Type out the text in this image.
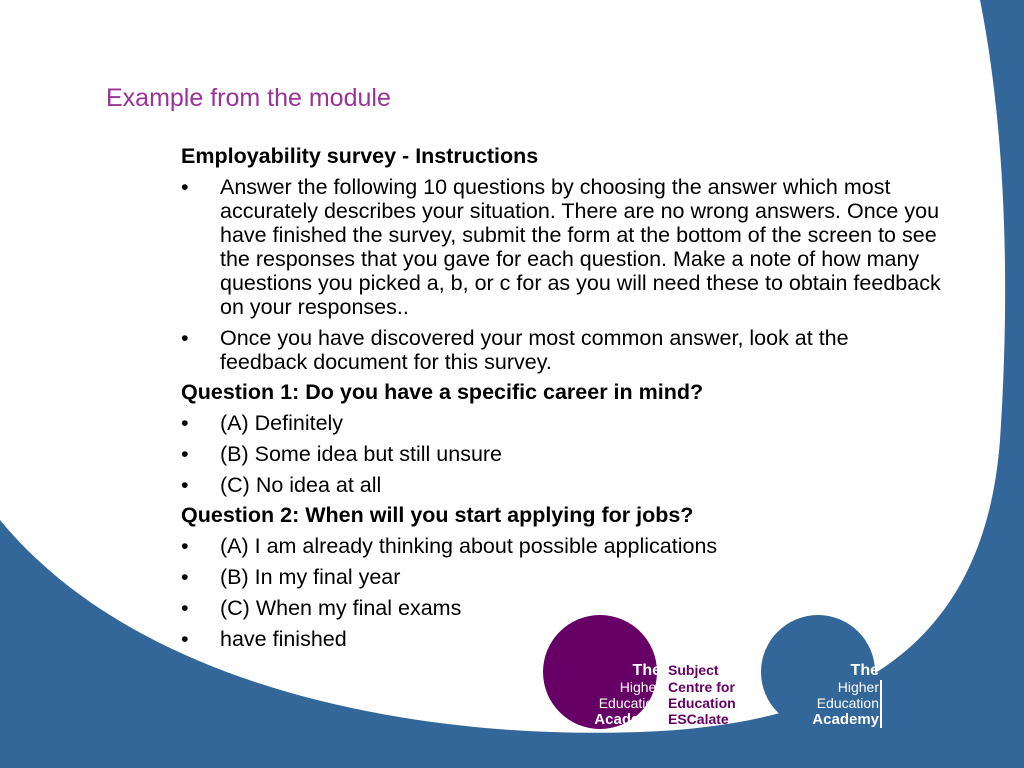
Example from the module
Employability survey - Instructions
•	Answer the following 10 questions by choosing the answer which most accurately describes your situation. There are no wrong answers. Once you have finished the survey, submit the form at the bottom of the screen to see the responses that you gave for each question. Make a note of how many questions you picked a, b, or c for as you will need these to obtain feedback on your responses..
•	Once you have discovered your most common answer, look at the feedback document for this survey.
Question 1: Do you have a specific career in mind?
•	(A) Definitely
•	(B) Some idea but still unsure
•	(C) No idea at all
Question 2: When will you start applying for jobs?
•	(A) I am already thinking about possible applications
•	(B) In my final year
•	(C) When my final exams
•	have finished
The
Higher
Education
Academy
Subject
Centre for
Education
ESCalate
The
Higher
Education
Academy
Physical
Sciences
Centre
